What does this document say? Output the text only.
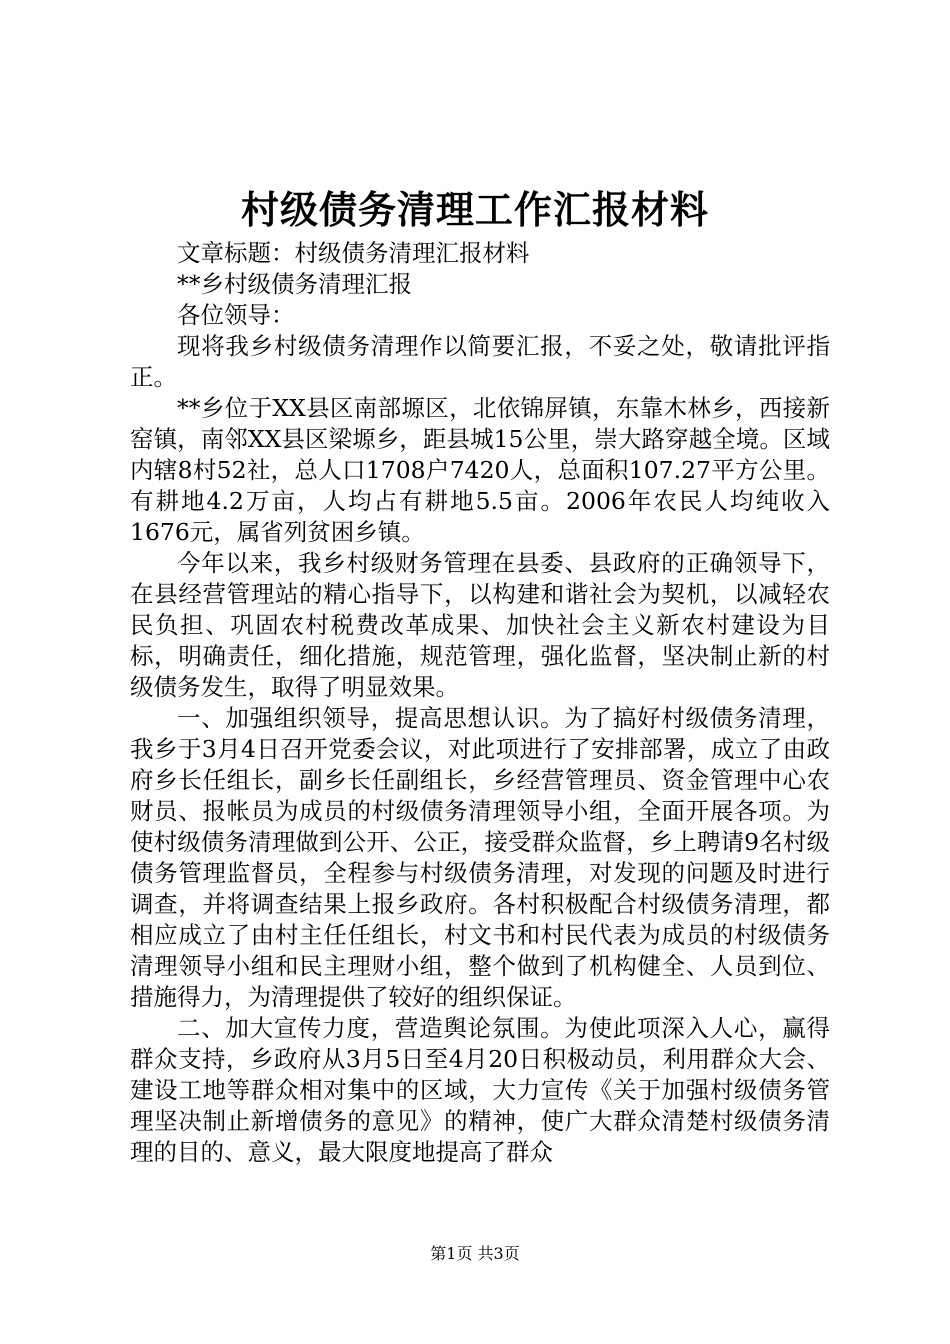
村级债务清理工作汇报材料

文章标题：村级债务清理汇报材料

**乡村级债务清理汇报

各位领导：

现将我乡村级债务清理作以简要汇报，不妥之处，敬请批评指正。

**乡位于XX县区南部塬区，北依锦屏镇，东靠木林乡，西接新窑镇，南邻XX县区梁塬乡，距县城15公里，崇大路穿越全境。区域内辖8村52社，总人口1708户7420人，总面积107.27平方公里。有耕地4.2万亩，人均占有耕地5.5亩。2006年农民人均纯收入1676元，属省列贫困乡镇。

今年以来，我乡村级财务管理在县委、县政府的正确领导下，在县经营管理站的精心指导下，以构建和谐社会为契机，以减轻农民负担、巩固农村税费改革成果、加快社会主义新农村建设为目标，明确责任，细化措施，规范管理，强化监督，坚决制止新的村级债务发生，取得了明显效果。

一、加强组织领导，提高思想认识。为了搞好村级债务清理，我乡于3月4日召开党委会议，对此项进行了安排部署，成立了由政府乡长任组长，副乡长任副组长，乡经营管理员、资金管理中心农财员、报帐员为成员的村级债务清理领导小组，全面开展各项。为使村级债务清理做到公开、公正，接受群众监督，乡上聘请9名村级债务管理监督员，全程参与村级债务清理，对发现的问题及时进行调查，并将调查结果上报乡政府。各村积极配合村级债务清理，都相应成立了由村主任任组长，村文书和村民代表为成员的村级债务清理领导小组和民主理财小组，整个做到了机构健全、人员到位、措施得力，为清理提供了较好的组织保证。

二、加大宣传力度，营造舆论氛围。为使此项深入人心，赢得群众支持，乡政府从3月5日至4月20日积极动员，利用群众大会、建设工地等群众相对集中的区域，大力宣传《关于加强村级债务管理坚决制止新增债务的意见》的精神，使广大群众清楚村级债务清理的目的、意义，最大限度地提高了群众

第1页 共3页
